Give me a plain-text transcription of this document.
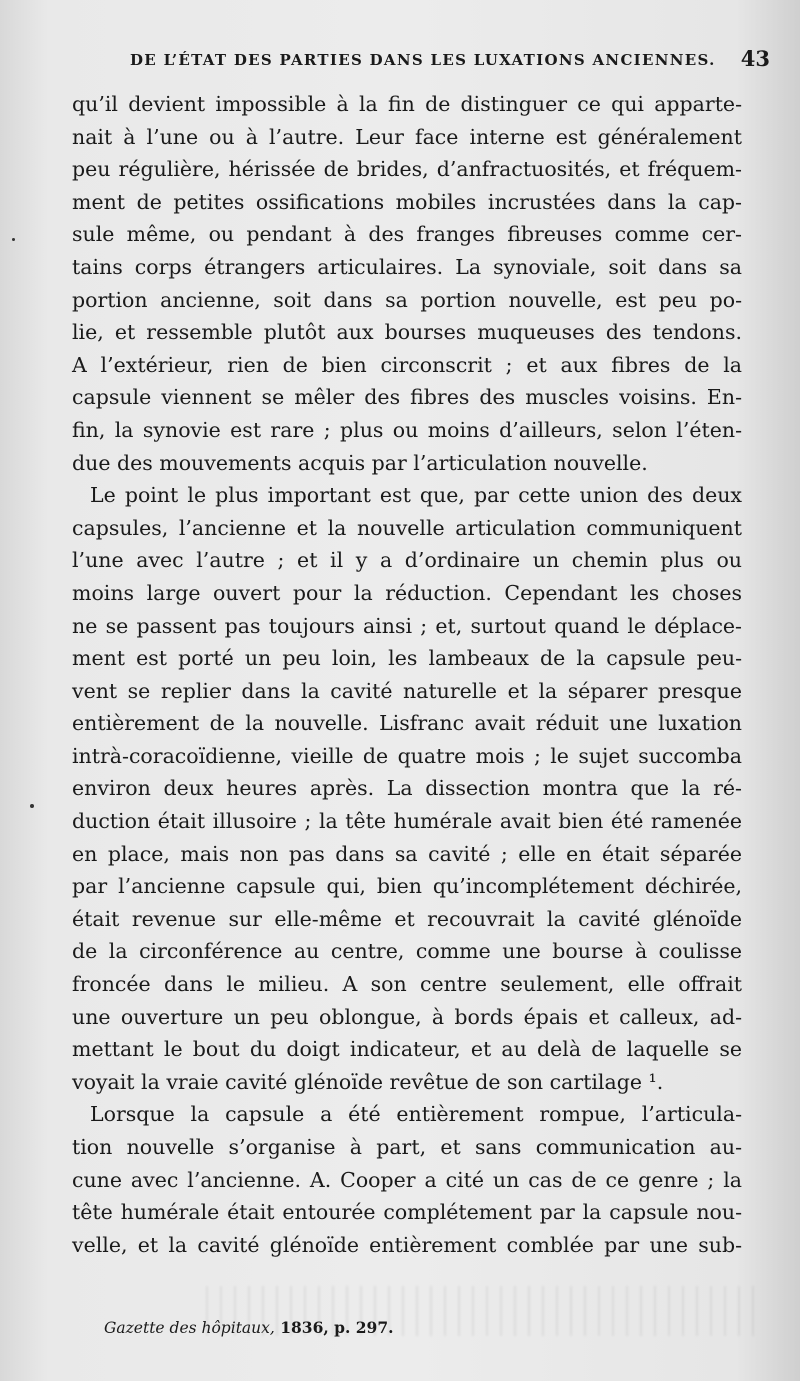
DE L’ÉTAT DES PARTIES DANS LES LUXATIONS ANCIENNES. 43
qu’il devient impossible à la fin de distinguer ce qui apparte-
nait à l’une ou à l’autre. Leur face interne est généralement
peu régulière, hérissée de brides, d’anfractuosités, et fréquem-
ment de petites ossifications mobiles incrustées dans la cap-
sule même, ou pendant à des franges fibreuses comme cer-
tains corps étrangers articulaires. La synoviale, soit dans sa
portion ancienne, soit dans sa portion nouvelle, est peu po-
lie, et ressemble plutôt aux bourses muqueuses des tendons.
A l’extérieur, rien de bien circonscrit ; et aux fibres de la
capsule viennent se mêler des fibres des muscles voisins. En-
fin, la synovie est rare ; plus ou moins d’ailleurs, selon l’éten-
due des mouvements acquis par l’articulation nouvelle.
Le point le plus important est que, par cette union des deux
capsules, l’ancienne et la nouvelle articulation communiquent
l’une avec l’autre ; et il y a d’ordinaire un chemin plus ou
moins large ouvert pour la réduction. Cependant les choses
ne se passent pas toujours ainsi ; et, surtout quand le déplace-
ment est porté un peu loin, les lambeaux de la capsule peu-
vent se replier dans la cavité naturelle et la séparer presque
entièrement de la nouvelle. Lisfranc avait réduit une luxation
intrà-coracoïdienne, vieille de quatre mois ; le sujet succomba
environ deux heures après. La dissection montra que la ré-
duction était illusoire ; la tête humérale avait bien été ramenée
en place, mais non pas dans sa cavité ; elle en était séparée
par l’ancienne capsule qui, bien qu’incomplétement déchirée,
était revenue sur elle-même et recouvrait la cavité glénoïde
de la circonférence au centre, comme une bourse à coulisse
froncée dans le milieu. A son centre seulement, elle offrait
une ouverture un peu oblongue, à bords épais et calleux, ad-
mettant le bout du doigt indicateur, et au delà de laquelle se
voyait la vraie cavité glénoïde revêtue de son cartilage ¹.
Lorsque la capsule a été entièrement rompue, l’articula-
tion nouvelle s’organise à part, et sans communication au-
cune avec l’ancienne. A. Cooper a cité un cas de ce genre ; la
tête humérale était entourée complétement par la capsule nou-
velle, et la cavité glénoïde entièrement comblée par une sub-
Gazette des hôpitaux, 1836, p. 297.
